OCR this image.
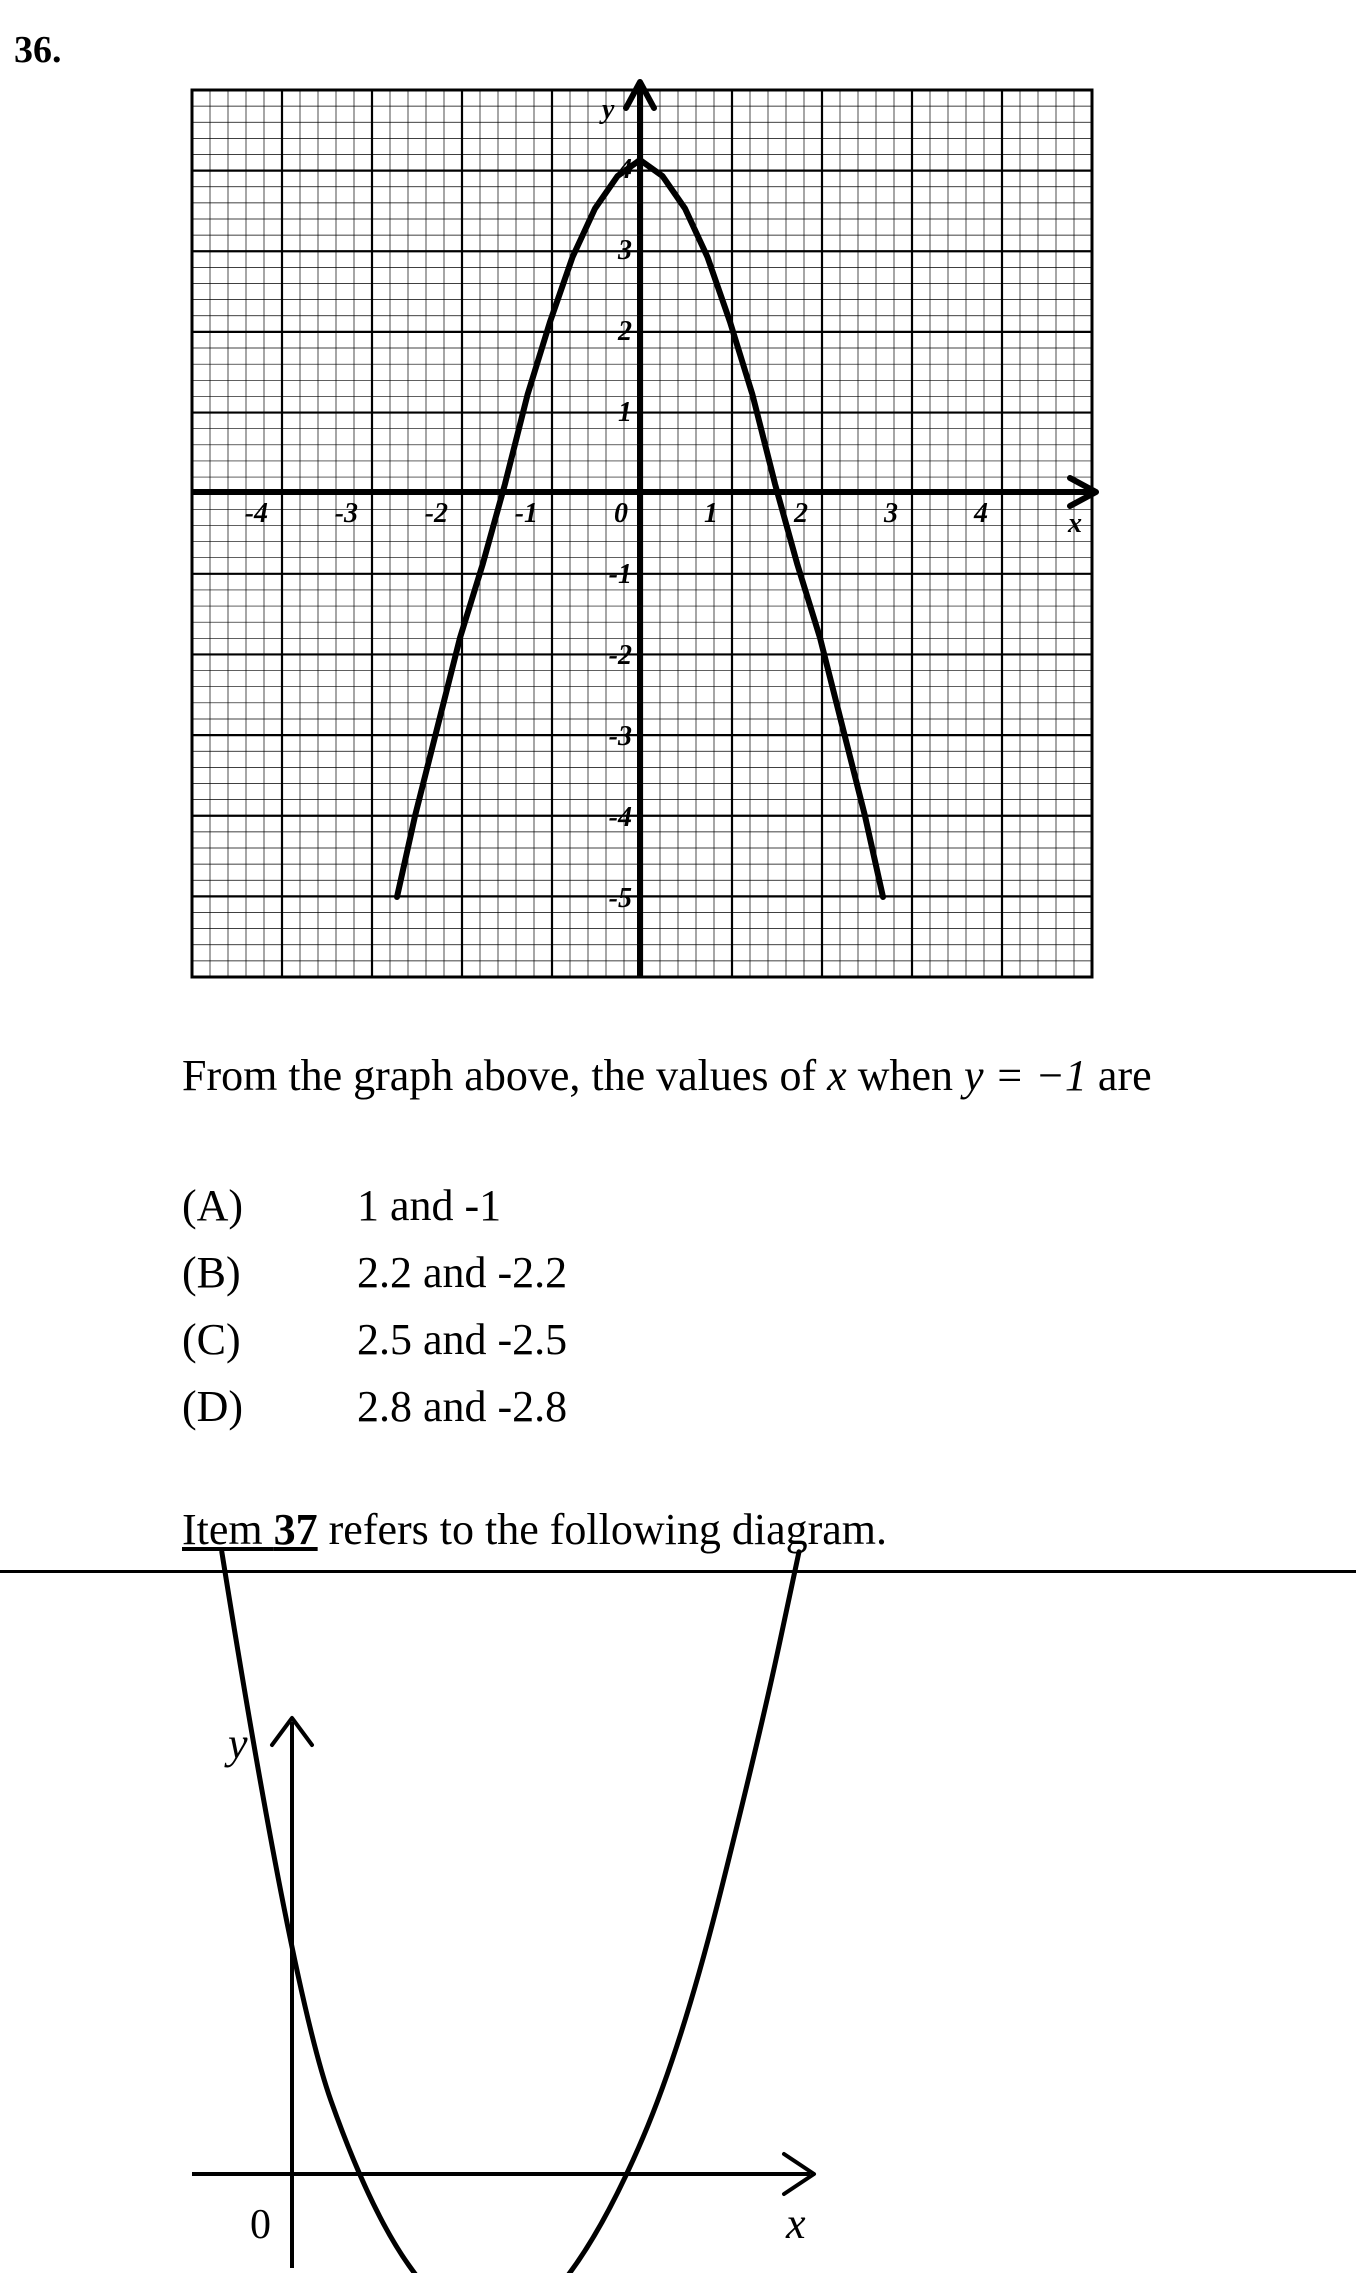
36.
x
y
-4 -3 -2 -1	0	1	2	3	4
4
3
2
1
-1
-2
-3
-4
-5
From the graph above, the values of x when y = −1 are
(A)	1 and -1
(B)	2.2 and -2.2
(C)	2.5 and -2.5
(D)	2.8 and -2.8
Item 37 refers to the following diagram.
x
y
0
